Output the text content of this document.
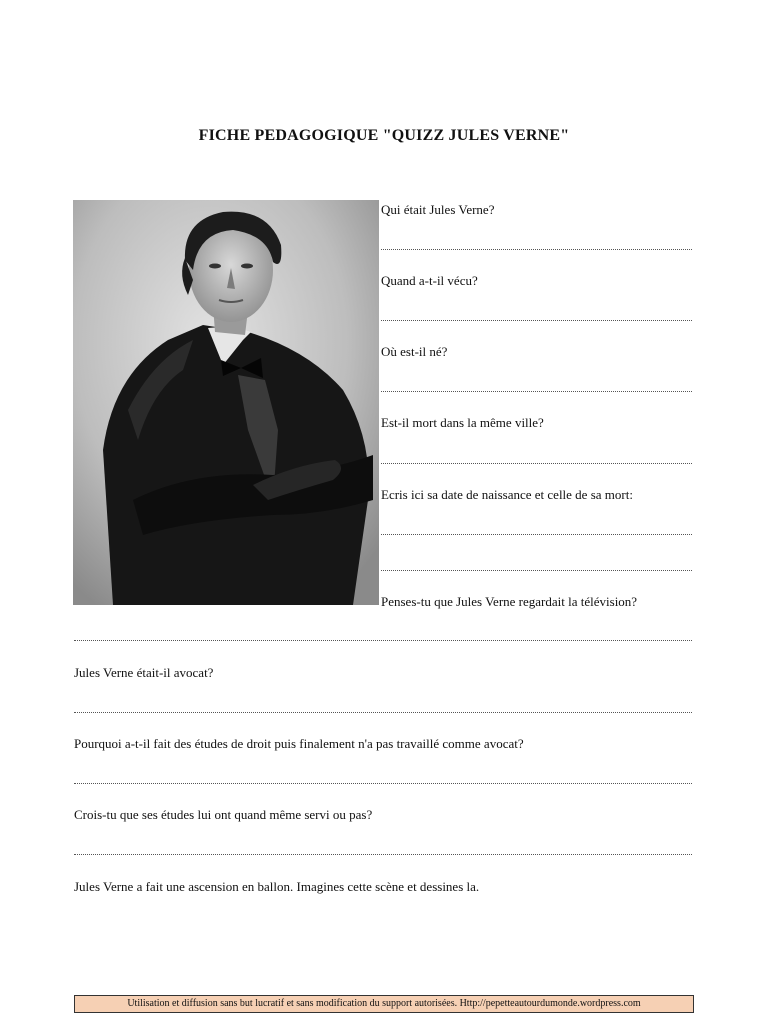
FICHE PEDAGOGIQUE "QUIZZ JULES VERNE"
Qui était Jules Verne?
Quand a-t-il vécu?
Où est-il né?
Est-il mort dans la même ville?
Ecris ici sa date de naissance et celle de sa mort:
Penses-tu que Jules Verne regardait la télévision?
Jules Verne était-il avocat?
Pourquoi a-t-il fait des études de droit puis finalement n'a pas travaillé comme avocat?
Crois-tu que ses études lui ont quand même servi ou pas?
Jules Verne a fait une ascension en ballon. Imagines cette scène et dessines la.
Utilisation et diffusion sans but lucratif et sans modification du support autorisées. Http://pepetteautourdumonde.wordpress.com
